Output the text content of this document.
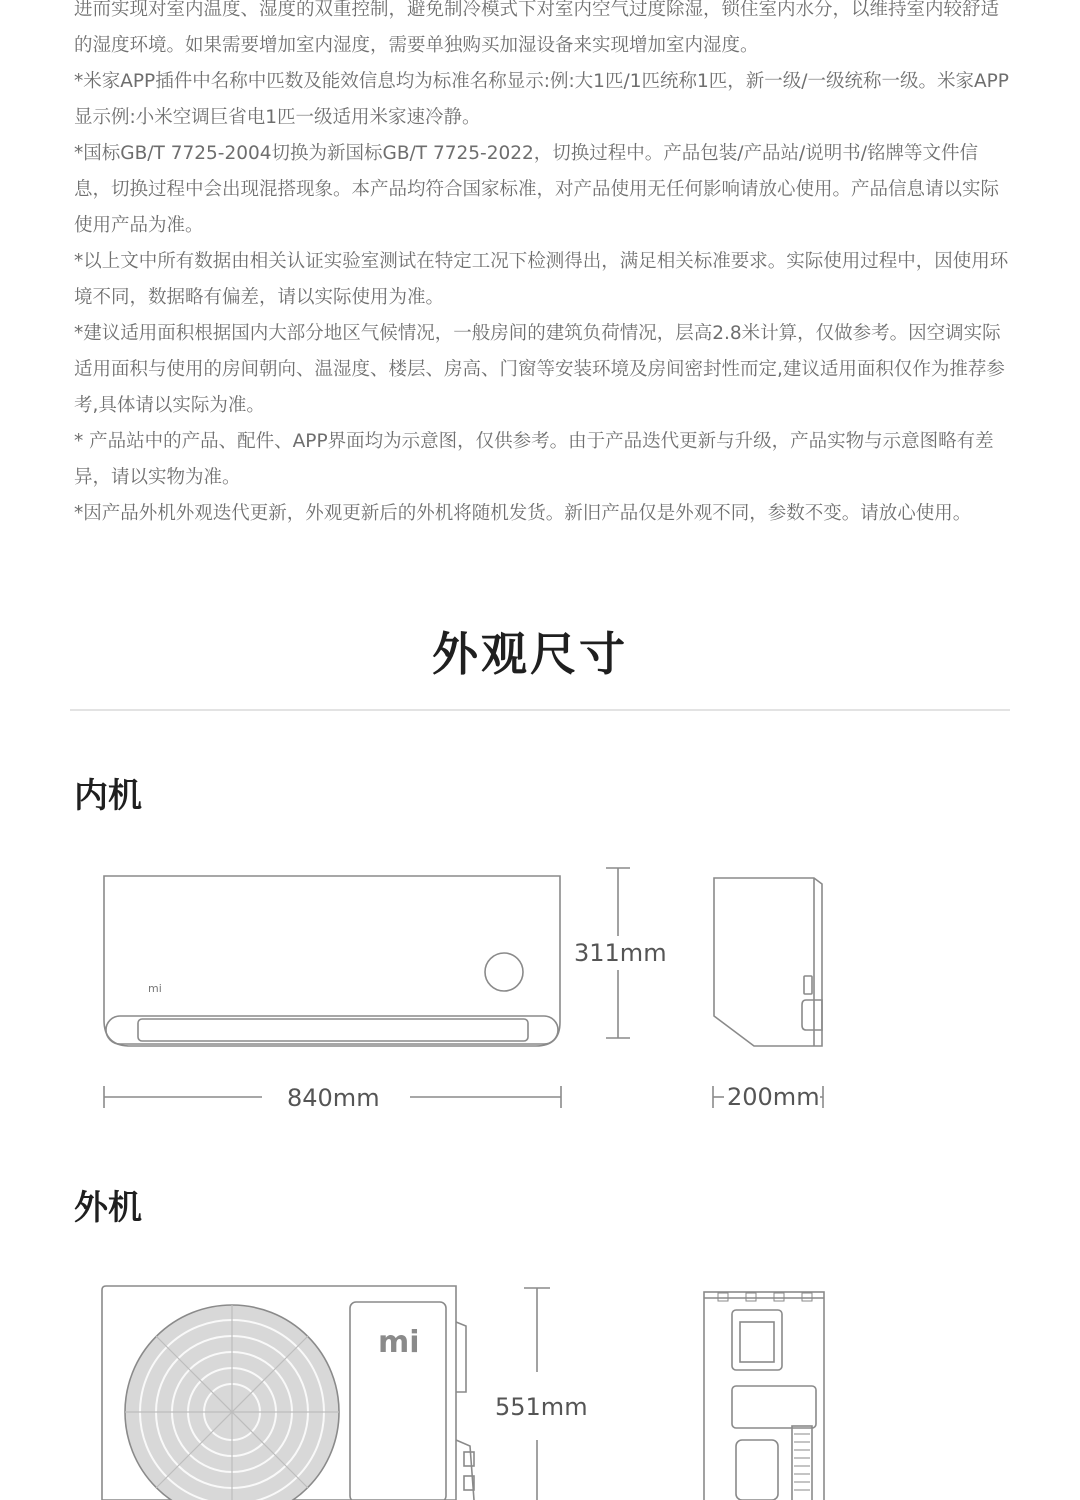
进而实现对室内温度、湿度的双重控制，避免制冷模式下对室内空气过度除湿，锁住室内水分，以维持室内较舒适的湿度环境。如果需要增加室内湿度，需要单独购买加湿设备来实现增加室内湿度。
*米家APP插件中名称中匹数及能效信息均为标准名称显示:例:大1匹/1匹统称1匹，新一级/一级统称一级。米家APP显示例:小米空调巨省电1匹一级适用米家速冷静。
*国标GB/T 7725-2004切换为新国标GB/T 7725-2022，切换过程中。产品包装/产品站/说明书/铭牌等文件信息，切换过程中会出现混搭现象。本产品均符合国家标准，对产品使用无任何影响请放心使用。产品信息请以实际使用产品为准。
*以上文中所有数据由相关认证实验室测试在特定工况下检测得出，满足相关标准要求。实际使用过程中，因使用环境不同，数据略有偏差，请以实际使用为准。
*建议适用面积根据国内大部分地区气候情况，一般房间的建筑负荷情况，层高2.8米计算，仅做参考。因空调实际适用面积与使用的房间朝向、温湿度、楼层、房高、门窗等安装环境及房间密封性而定,建议适用面积仅作为推荐参考,具体请以实际为准。
* 产品站中的产品、配件、APP界面均为示意图，仅供参考。由于产品迭代更新与升级，产品实物与示意图略有差异，请以实物为准。
*因产品外机外观迭代更新，外观更新后的外机将随机发货。新旧产品仅是外观不同，参数不变。请放心使用。
外观尺寸
内机
外机
mi
mi
311mm
840mm	200mm
551mm
